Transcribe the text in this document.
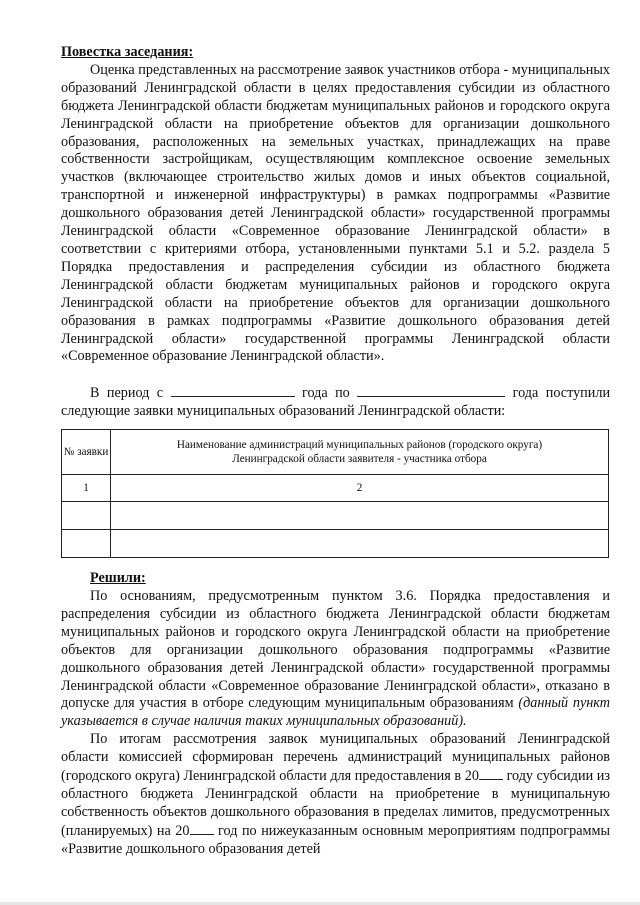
Повестка заседания:

Оценка представленных на рассмотрение заявок участников отбора - муниципальных образований Ленинградской области в целях предоставления субсидии из областного бюджета Ленинградской области бюджетам муниципальных районов и городского округа Ленинградской области на приобретение объектов для организации дошкольного образования, расположенных на земельных участках, принадлежащих на праве собственности застройщикам, осуществляющим комплексное освоение земельных участков (включающее строительство жилых домов и иных объектов социальной, транспортной и инженерной инфраструктуры) в рамках подпрограммы «Развитие дошкольного образования детей Ленинградской области» государственной программы Ленинградской области «Современное образование Ленинградской области» в соответствии с критериями отбора, установленными пунктами 5.1 и 5.2. раздела 5 Порядка предоставления и распределения субсидии из областного бюджета Ленинградской области бюджетам муниципальных районов и городского округа Ленинградской области на приобретение объектов для организации дошкольного образования в рамках подпрограммы «Развитие дошкольного образования детей Ленинградской области» государственной программы Ленинградской области «Современное образование Ленинградской области».

В период с	года по	года поступили следующие заявки муниципальных образований Ленинградской области:

№ заявки	Наименование администраций муниципальных районов (городского округа)
Ленинградской области заявителя - участника отбора

1	2

Решили:

По основаниям, предусмотренным пунктом 3.6. Порядка предоставления и распределения субсидии из областного бюджета Ленинградской области бюджетам муниципальных районов и городского округа Ленинградской области на приобретение объектов для организации дошкольного образования подпрограммы «Развитие дошкольного образования детей Ленинградской области» государственной программы Ленинградской области «Современное образование Ленинградской области», отказано в допуске для участия в отборе следующим муниципальным образованиям (данный пункт указывается в случае наличия таких муниципальных образований).

По итогам рассмотрения заявок муниципальных образований Ленинградской области комиссией сформирован перечень администраций муниципальных районов (городского округа) Ленинградской области для предоставления в 20 году субсидии из областного бюджета Ленинградской области на приобретение в муниципальную собственность объектов дошкольного образования в пределах лимитов, предусмотренных (планируемых) на 20 год по нижеуказанным основным мероприятиям подпрограммы «Развитие дошкольного образования детей
